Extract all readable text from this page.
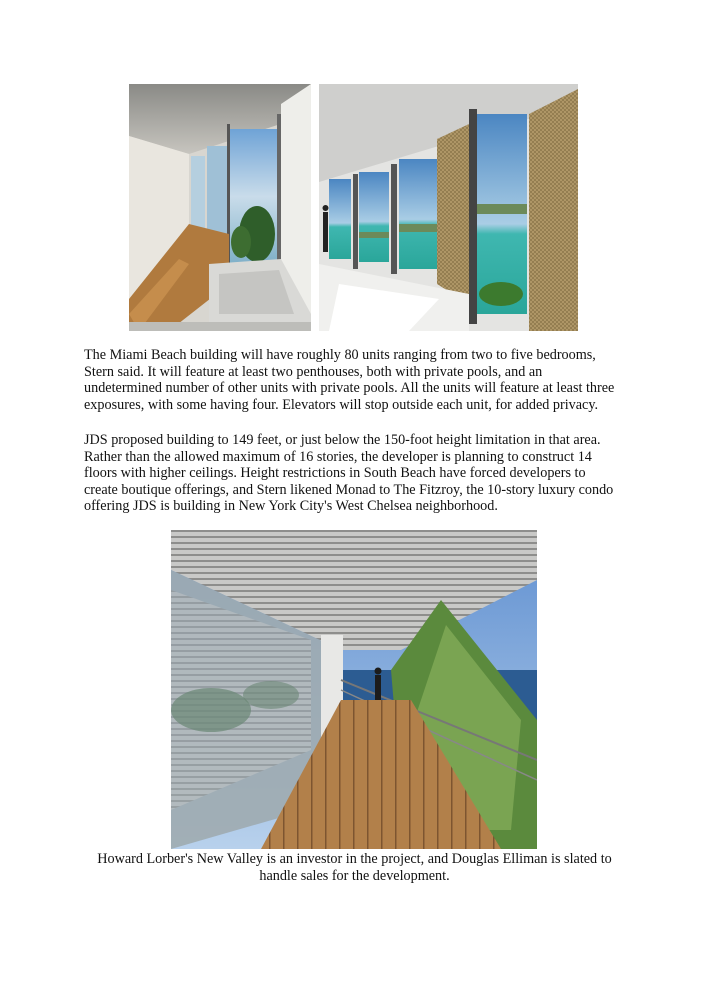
The Miami Beach building will have roughly 80 units ranging from two to five bedrooms,
Stern said. It will feature at least two penthouses, both with private pools, and an
undetermined number of other units with private pools. All the units will feature at least three
exposures, with some having four. Elevators will stop outside each unit, for added privacy.

JDS proposed building to 149 feet, or just below the 150-foot height limitation in that area.
Rather than the allowed maximum of 16 stories, the developer is planning to construct 14
floors with higher ceilings. Height restrictions in South Beach have forced developers to
create boutique offerings, and Stern likened Monad to The Fitzroy, the 10-story luxury condo
offering JDS is building in New York City's West Chelsea neighborhood.

Howard Lorber's New Valley is an investor in the project, and Douglas Elliman is slated to
handle sales for the development.
